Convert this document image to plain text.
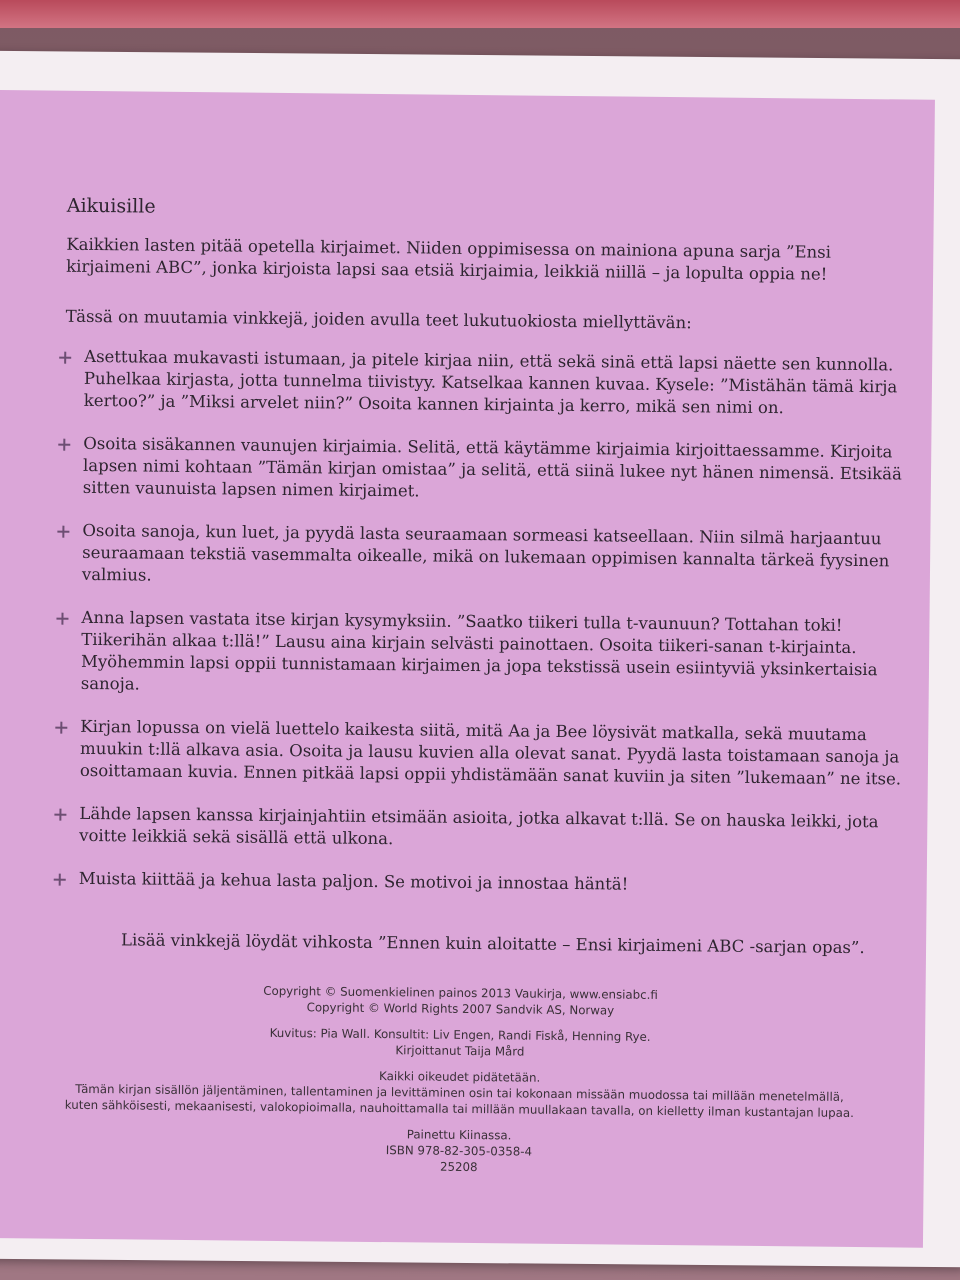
Aikuisille

Kaikkien lasten pitää opetella kirjaimet. Niiden oppimisessa on mainiona apuna sarja ”Ensi kirjaimeni ABC”, jonka kirjoista lapsi saa etsiä kirjaimia, leikkiä niillä – ja lopulta oppia ne!

Tässä on muutamia vinkkejä, joiden avulla teet lukutuokiosta miellyttävän:

Asettukaa mukavasti istumaan, ja pitele kirjaa niin, että sekä sinä että lapsi näette sen kunnolla. Puhelkaa kirjasta, jotta tunnelma tiivistyy. Katselkaa kannen kuvaa. Kysele: ”Mistähän tämä kirja kertoo?” ja ”Miksi arvelet niin?” Osoita kannen kirjainta ja kerro, mikä sen nimi on.
Osoita sisäkannen vaunujen kirjaimia. Selitä, että käytämme kirjaimia kirjoittaessamme. Kirjoita lapsen nimi kohtaan ”Tämän kirjan omistaa” ja selitä, että siinä lukee nyt hänen nimensä. Etsikää sitten vaunuista lapsen nimen kirjaimet.
Osoita sanoja, kun luet, ja pyydä lasta seuraamaan sormeasi katseellaan. Niin silmä harjaantuu seuraamaan tekstiä vasemmalta oikealle, mikä on lukemaan oppimisen kannalta tärkeä fyysinen valmius.
Anna lapsen vastata itse kirjan kysymyksiin. ”Saatko tiikeri tulla t-vaunuun? Tottahan toki! Tiikerihän alkaa t:llä!” Lausu aina kirjain selvästi painottaen. Osoita tiikeri-sanan t-kirjainta. Myöhemmin lapsi oppii tunnistamaan kirjaimen ja jopa tekstissä usein esiintyviä yksinkertaisia sanoja.
Kirjan lopussa on vielä luettelo kaikesta siitä, mitä Aa ja Bee löysivät matkalla, sekä muutama muukin t:llä alkava asia. Osoita ja lausu kuvien alla olevat sanat. Pyydä lasta toistamaan sanoja ja osoittamaan kuvia. Ennen pitkää lapsi oppii yhdistämään sanat kuviin ja siten ”lukemaan” ne itse.
Lähde lapsen kanssa kirjainjahtiin etsimään asioita, jotka alkavat t:llä. Se on hauska leikki, jota voitte leikkiä sekä sisällä että ulkona.
Muista kiittää ja kehua lasta paljon. Se motivoi ja innostaa häntä!

Lisää vinkkejä löydät vihkosta ”Ennen kuin aloitatte – Ensi kirjaimeni ABC -sarjan opas”.

Copyright © Suomenkielinen painos 2013 Vaukirja, www.ensiabc.fi

Copyright © World Rights 2007 Sandvik AS, Norway

Kuvitus: Pia Wall. Konsultit: Liv Engen, Randi Fiskå, Henning Rye.

Kirjoittanut Taija Mård

Kaikki oikeudet pidätetään.

Tämän kirjan sisällön jäljentäminen, tallentaminen ja levittäminen osin tai kokonaan missään muodossa tai millään menetelmällä,

kuten sähköisesti, mekaanisesti, valokopioimalla, nauhoittamalla tai millään muullakaan tavalla, on kielletty ilman kustantajan lupaa.

Painettu Kiinassa.

ISBN 978-82-305-0358-4

25208
